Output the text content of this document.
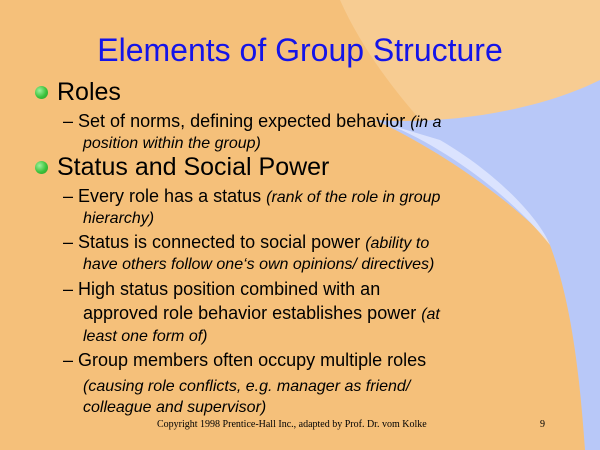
Elements of Group Structure
Roles
– Set of norms, defining expected behavior (in a
position within the group)
Status and Social Power
– Every role has a status (rank of the role in group
hierarchy)
– Status is connected to social power (ability to
have others follow one‘s own opinions/ directives)
– High status position combined with an
approved role behavior establishes power (at
least one form of)
– Group members often occupy multiple roles
(causing role conflicts, e.g. manager as friend/
colleague and supervisor)
Copyright 1998 Prentice-Hall Inc., adapted by Prof. Dr. vom Kolke	9
